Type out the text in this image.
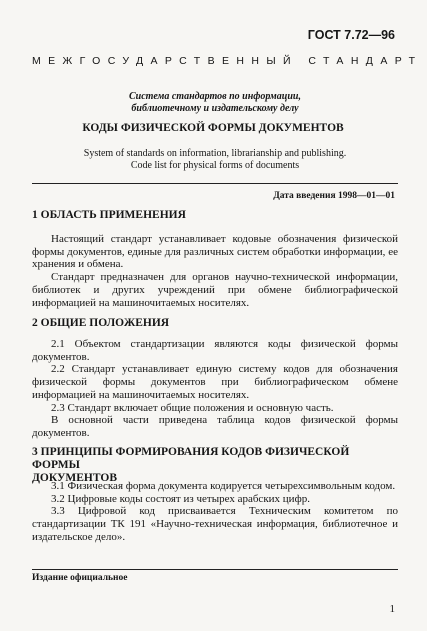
ГОСТ 7.72—96
МЕЖГОСУДАРСТВЕННЫЙ СТАНДАРТ
Система стандартов по информации,
библиотечному и издательскому делу
КОДЫ ФИЗИЧЕСКОЙ ФОРМЫ ДОКУМЕНТОВ
System of standards on information, librarianship and publishing.
Code list for physical forms of documents
Дата введения 1998—01—01
1 ОБЛАСТЬ ПРИМЕНЕНИЯ

Настоящий стандарт устанавливает кодовые обозначения физической формы документов, единые для различных систем обработки информации, ее хранения и обмена.

Стандарт предназначен для органов научно-технической информации, библиотек и других учреждений при обмене библиографической информацией на машиночитаемых носителях.

2 ОБЩИЕ ПОЛОЖЕНИЯ

2.1 Объектом стандартизации являются коды физической формы документов.

2.2 Стандарт устанавливает единую систему кодов для обозначения физической формы документов при библиографическом обмене информацией на машиночитаемых носителях.

2.3 Стандарт включает общие положения и основную часть.

В основной части приведена таблица кодов физической формы документов.

3 ПРИНЦИПЫ ФОРМИРОВАНИЯ КОДОВ ФИЗИЧЕСКОЙ ФОРМЫ
ДОКУМЕНТОВ

3.1 Физическая форма документа кодируется четырехсимвольным кодом.

3.2 Цифровые коды состоят из четырех арабских цифр.

3.3 Цифровой код присваивается Техническим комитетом по стандартизации ТК 191 «Научно-техническая информация, библиотечное и издательское дело».

Издание официальное
1
